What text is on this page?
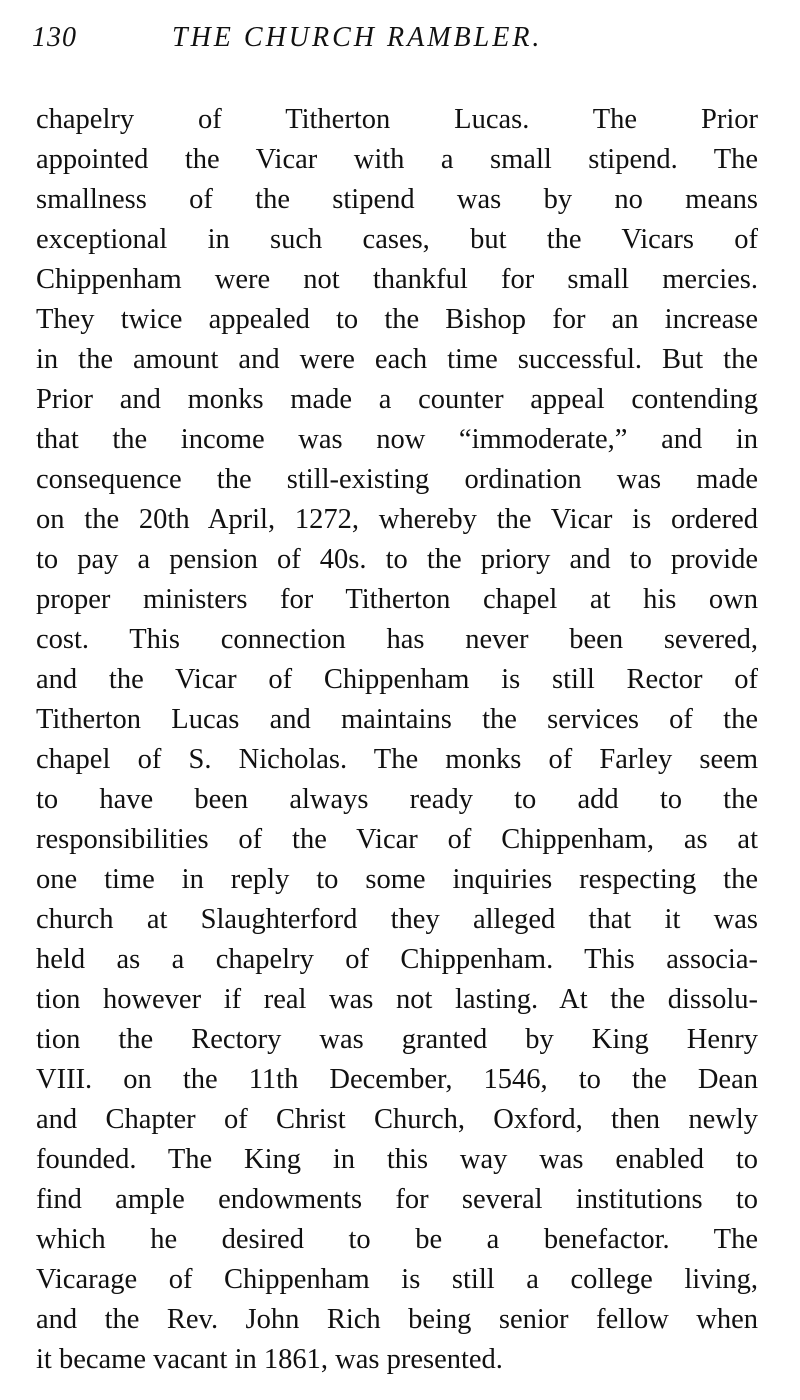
130	THE CHURCH RAMBLER.
chapelry of Titherton Lucas. The Prior
appointed the Vicar with a small stipend. The
smallness of the stipend was by no means
exceptional in such cases, but the Vicars of
Chippenham were not thankful for small mercies.
They twice appealed to the Bishop for an increase
in the amount and were each time successful. But the
Prior and monks made a counter appeal contending
that the income was now “immoderate,” and in
consequence the still-existing ordination was made
on the 20th April, 1272, whereby the Vicar is ordered
to pay a pension of 40s. to the priory and to provide
proper ministers for Titherton chapel at his own
cost. This connection has never been severed,
and the Vicar of Chippenham is still Rector of
Titherton Lucas and maintains the services of the
chapel of S. Nicholas. The monks of Farley seem
to have been always ready to add to the
responsibilities of the Vicar of Chippenham, as at
one time in reply to some inquiries respecting the
church at Slaughterford they alleged that it was
held as a chapelry of Chippenham. This associa-
tion however if real was not lasting. At the dissolu-
tion the Rectory was granted by King Henry
VIII. on the 11th December, 1546, to the Dean
and Chapter of Christ Church, Oxford, then newly
founded. The King in this way was enabled to
find ample endowments for several institutions to
which he desired to be a benefactor. The
Vicarage of Chippenham is still a college living,
and the Rev. John Rich being senior fellow when
it became vacant in 1861, was presented.
